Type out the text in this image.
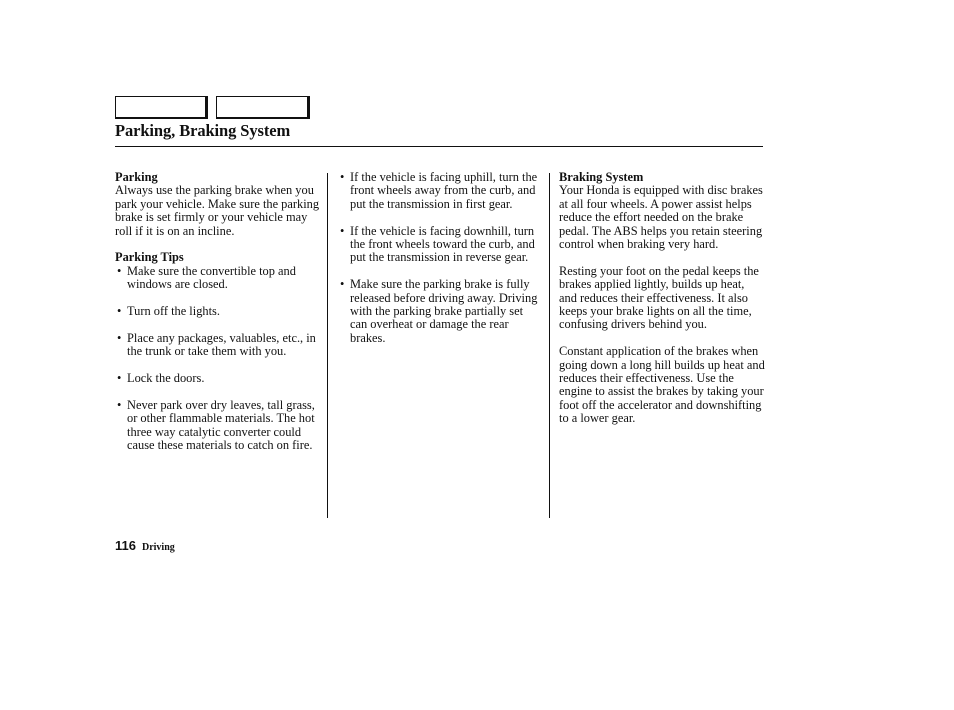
Parking, Braking System

Parking

Always use the parking brake when you park your vehicle. Make sure the parking brake is set firmly or your vehicle may roll if it is on an incline.

Parking Tips

• Make sure the convertible top and windows are closed.
• Turn off the lights.
• Place any packages, valuables, etc., in the trunk or take them with you.
• Lock the doors.
• Never park over dry leaves, tall grass, or other flammable materials. The hot three way catalytic converter could cause these materials to catch on fire.
• If the vehicle is facing uphill, turn the front wheels away from the curb, and put the transmission in first gear.
• If the vehicle is facing downhill, turn the front wheels toward the curb, and put the transmission in reverse gear.
• Make sure the parking brake is fully released before driving away. Driving with the parking brake partially set can overheat or damage the rear brakes.

Braking System

Your Honda is equipped with disc brakes at all four wheels. A power assist helps reduce the effort needed on the brake pedal. The ABS helps you retain steering control when braking very hard.

Resting your foot on the pedal keeps the brakes applied lightly, builds up heat, and reduces their effectiveness. It also keeps your brake lights on all the time, confusing drivers behind you.

Constant application of the brakes when going down a long hill builds up heat and reduces their effectiveness. Use the engine to assist the brakes by taking your foot off the accelerator and downshifting to a lower gear.

116 Driving
